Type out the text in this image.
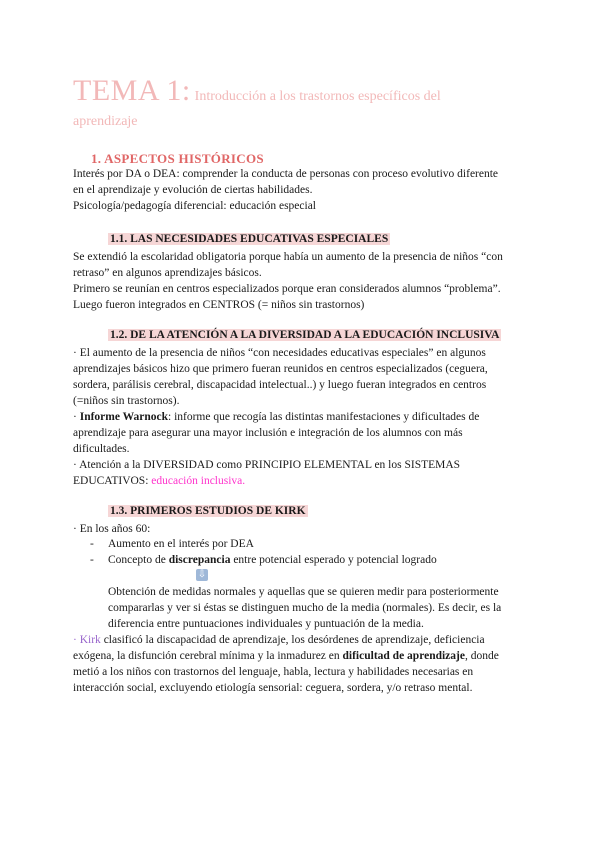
TEMA 1: Introducción a los trastornos específicos del
aprendizaje
1. ASPECTOS HISTÓRICOS
Interés por DA o DEA: comprender la conducta de personas con proceso evolutivo diferente
en el aprendizaje y evolución de ciertas habilidades.
Psicología/pedagogía diferencial: educación especial
1.1. LAS NECESIDADES EDUCATIVAS ESPECIALES
Se extendió la escolaridad obligatoria porque había un aumento de la presencia de niños “con
retraso” en algunos aprendizajes básicos.
Primero se reunían en centros especializados porque eran considerados alumnos “problema”.
Luego fueron integrados en CENTROS (= niños sin trastornos)
1.2. DE LA ATENCIÓN A LA DIVERSIDAD A LA EDUCACIÓN INCLUSIVA
· El aumento de la presencia de niños “con necesidades educativas especiales” en algunos
aprendizajes básicos hizo que primero fueran reunidos en centros especializados (ceguera,
sordera, parálisis cerebral, discapacidad intelectual..) y luego fueran integrados en centros
(=niños sin trastornos).
· Informe Warnock: informe que recogía las distintas manifestaciones y dificultades de
aprendizaje para asegurar una mayor inclusión e integración de los alumnos con más
dificultades.
· Atención a la DIVERSIDAD como PRINCIPIO ELEMENTAL en los SISTEMAS
EDUCATIVOS: educación inclusiva.
1.3. PRIMEROS ESTUDIOS DE KIRK
· En los años 60:
- Aumento en el interés por DEA
- Concepto de discrepancia entre potencial esperado y potencial logrado
⇩
Obtención de medidas normales y aquellas que se quieren medir para posteriormente
compararlas y ver si éstas se distinguen mucho de la media (normales). Es decir, es la
diferencia entre puntuaciones individuales y puntuación de la media.
· Kirk clasificó la discapacidad de aprendizaje, los desórdenes de aprendizaje, deficiencia
exógena, la disfunción cerebral mínima y la inmadurez en dificultad de aprendizaje, donde
metió a los niños con trastornos del lenguaje, habla, lectura y habilidades necesarias en
interacción social, excluyendo etiología sensorial: ceguera, sordera, y/o retraso mental.
